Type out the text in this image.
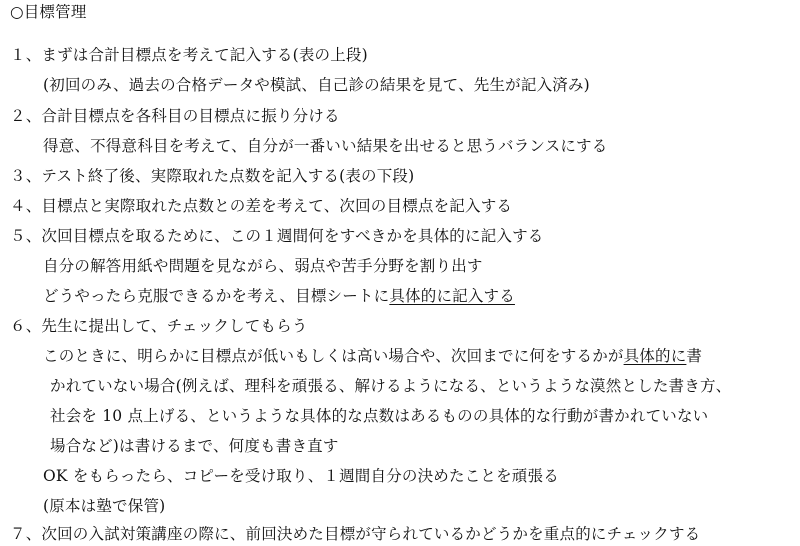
○目標管理
１、まずは合計目標点を考えて記入する(表の上段)
(初回のみ、過去の合格データや模試、自己診の結果を見て、先生が記入済み)
２、合計目標点を各科目の目標点に振り分ける
得意、不得意科目を考えて、自分が一番いい結果を出せると思うバランスにする
３、テスト終了後、実際取れた点数を記入する(表の下段)
４、目標点と実際取れた点数との差を考えて、次回の目標点を記入する
５、次回目標点を取るために、この１週間何をすべきかを具体的に記入する
自分の解答用紙や問題を見ながら、弱点や苦手分野を割り出す
どうやったら克服できるかを考え、目標シートに具体的に記入する
６、先生に提出して、チェックしてもらう
このときに、明らかに目標点が低いもしくは高い場合や、次回までに何をするかが具体的に書
かれていない場合(例えば、理科を頑張る、解けるようになる、というような漠然とした書き方、
社会を 10 点上げる、というような具体的な点数はあるものの具体的な行動が書かれていない
場合など)は書けるまで、何度も書き直す
OK をもらったら、コピーを受け取り、１週間自分の決めたことを頑張る
(原本は塾で保管)
７、次回の入試対策講座の際に、前回決めた目標が守られているかどうかを重点的にチェックする
